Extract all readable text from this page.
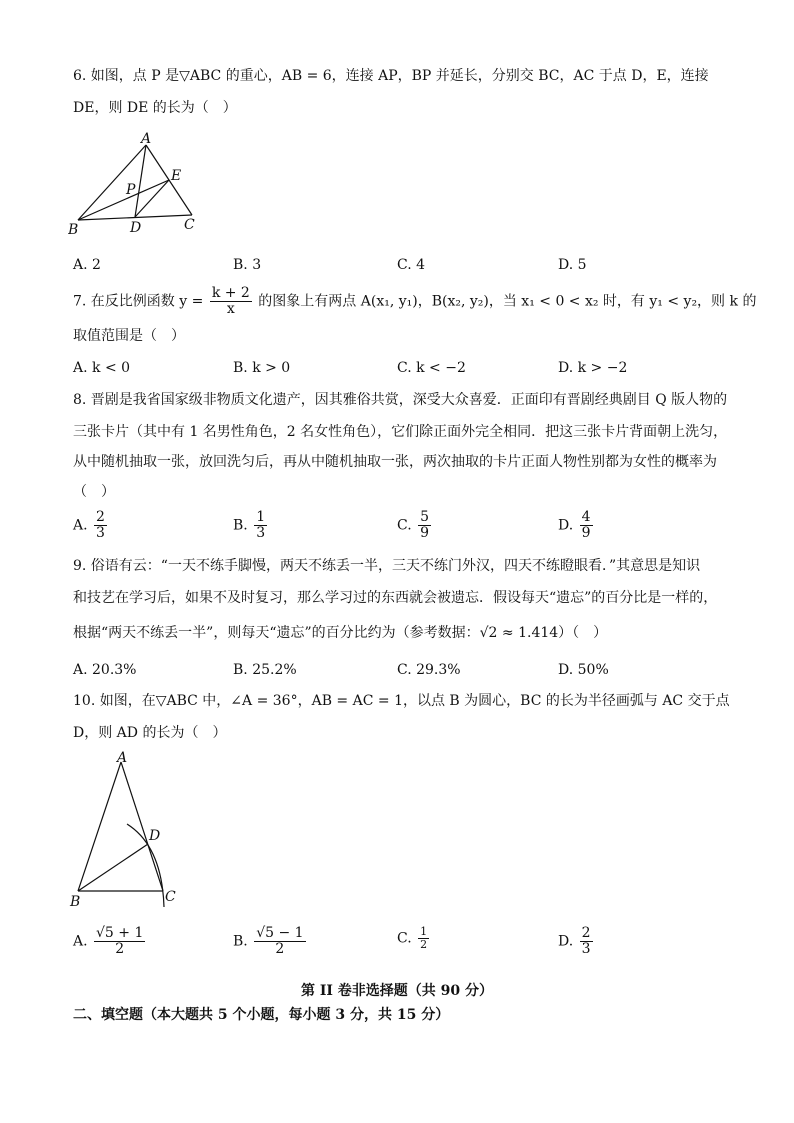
6. 如图，点 P 是▽ABC 的重心，AB = 6，连接 AP，BP 并延长，分别交 BC，AC 于点 D，E，连接
DE，则 DE 的长为（　）
A
B	C
D
E
P
A. 2	B. 3	C. 4	D. 5
7. 在反比例函数 $y = \frac{k + 2}{x}$ 的图象上有两点 A(x₁, y₁)，B(x₂, y₂)，当 x₁ < 0 < x₂ 时，有 y₁ < y₂，则 k 的
取值范围是（　）
A. k < 0	B. k > 0	C. k < −2	D. k > −2
8. 晋剧是我省国家级非物质文化遗产，因其雅俗共赏，深受大众喜爱．正面印有晋剧经典剧目 Q 版人物的
三张卡片（其中有 1 名男性角色，2 名女性角色），它们除正面外完全相同．把这三张卡片背面朝上洗匀，
从中随机抽取一张，放回洗匀后，再从中随机抽取一张，两次抽取的卡片正面人物性别都为女性的概率为
（　）
A. $\frac{2}{3}$	B. $\frac{1}{3}$	C. $\frac{5}{9}$	D. $\frac{4}{9}$
9. 俗语有云：“一天不练手脚慢，两天不练丢一半，三天不练门外汉，四天不练瞪眼看．”其意思是知识
和技艺在学习后，如果不及时复习，那么学习过的东西就会被遗忘．假设每天“遗忘”的百分比是一样的，
根据“两天不练丢一半”，则每天“遗忘”的百分比约为（参考数据：√2 ≈ 1.414）（　）
A. 20.3%	B. 25.2%	C. 29.3%	D. 50%
10. 如图，在▽ABC 中，∠A = 36°，AB = AC = 1，以点 B 为圆心，BC 的长为半径画弧与 AC 交于点
D，则 AD 的长为（　）
A
B	C
D
A. $\frac{√5 + 1}{2}$	B. $\frac{√5 - 1}{2}$	C. $\frac{1}{2}$	D. $\frac{2}{3}$
第 II 卷非选择题（共 90 分）
二、填空题（本大题共 5 个小题，每小题 3 分，共 15 分）
